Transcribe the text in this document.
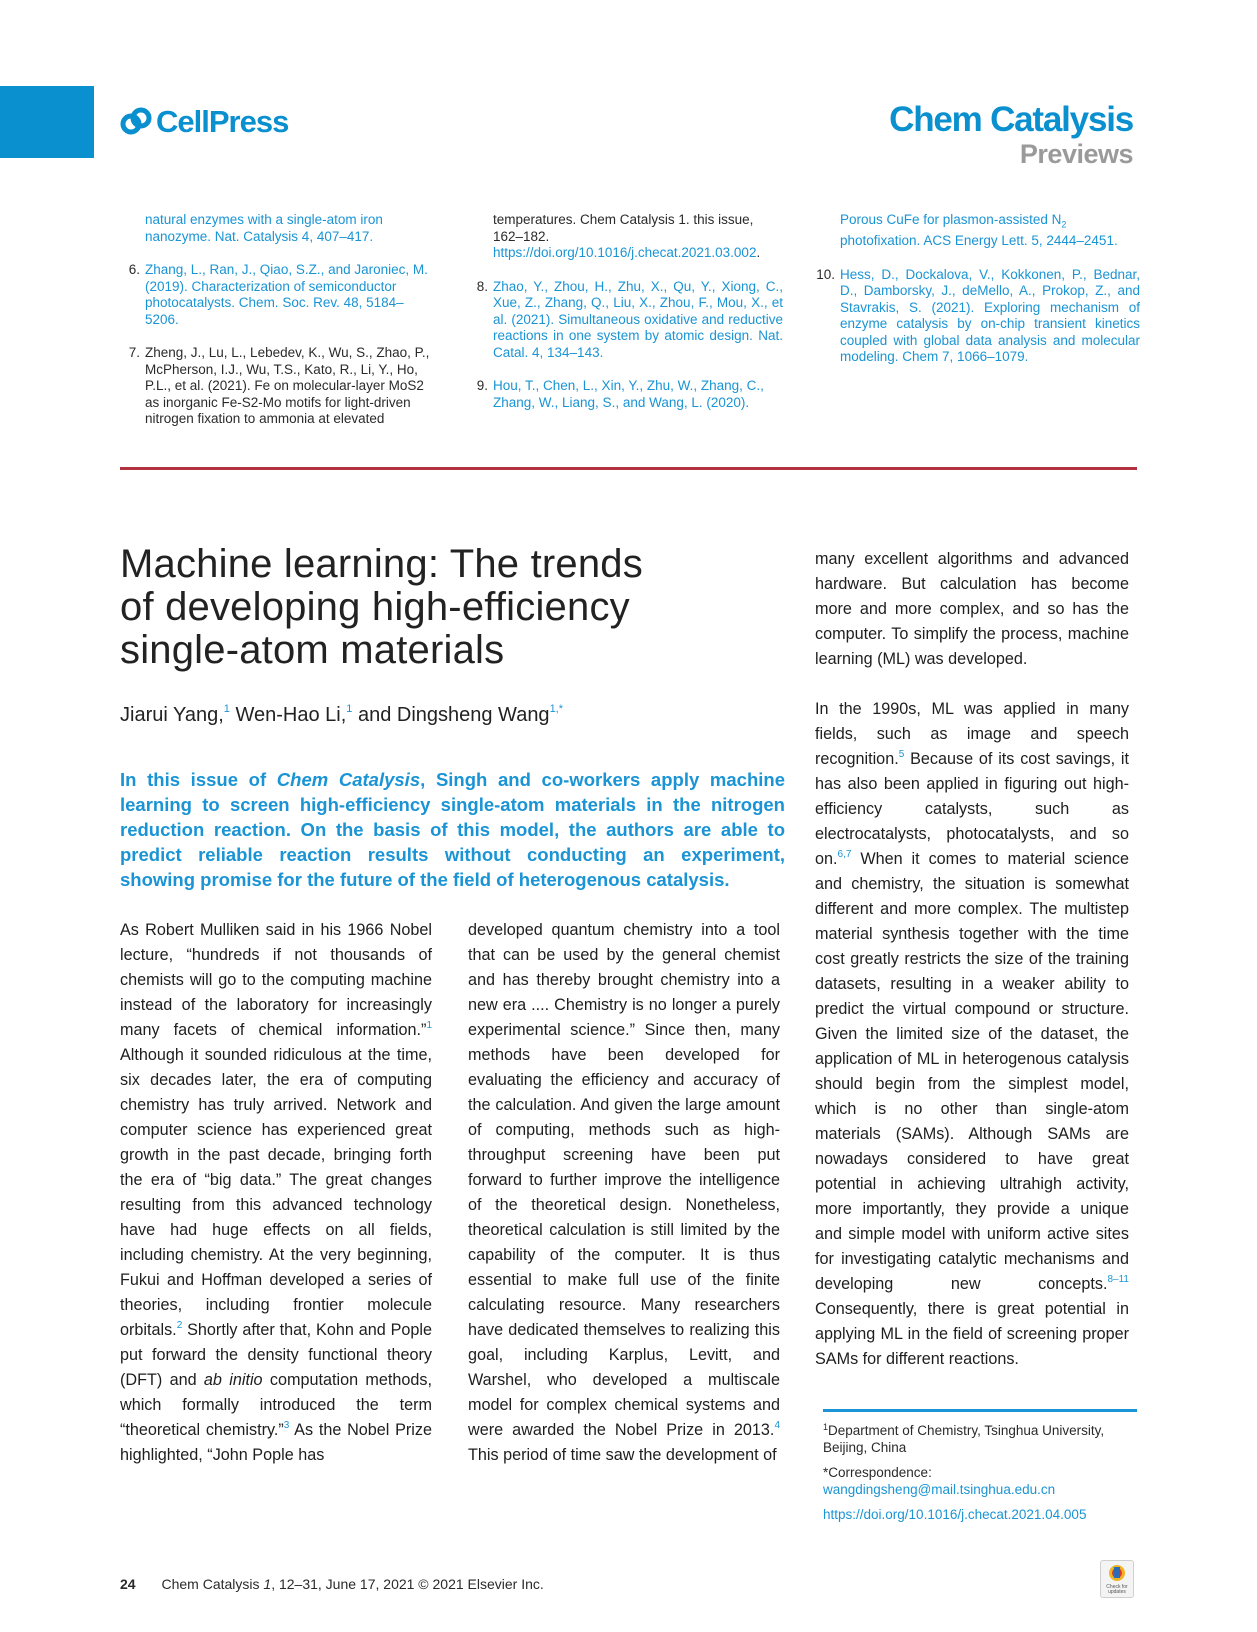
CellPress	Chem Catalysis
Previews
natural enzymes with a single-atom iron nanozyme. Nat. Catalysis 4, 407–417.
6. Zhang, L., Ran, J., Qiao, S.Z., and Jaroniec, M. (2019). Characterization of semiconductor photocatalysts. Chem. Soc. Rev. 48, 5184–5206.
7. Zheng, J., Lu, L., Lebedev, K., Wu, S., Zhao, P., McPherson, I.J., Wu, T.S., Kato, R., Li, Y., Ho, P.L., et al. (2021). Fe on molecular-layer MoS2 as inorganic Fe-S2-Mo motifs for light-driven nitrogen fixation to ammonia at elevated
temperatures. Chem Catalysis 1. this issue, 162–182. https://doi.org/10.1016/j.checat.2021.03.002.
8. Zhao, Y., Zhou, H., Zhu, X., Qu, Y., Xiong, C., Xue, Z., Zhang, Q., Liu, X., Zhou, F., Mou, X., et al. (2021). Simultaneous oxidative and reductive reactions in one system by atomic design. Nat. Catal. 4, 134–143.
9. Hou, T., Chen, L., Xin, Y., Zhu, W., Zhang, C., Zhang, W., Liang, S., and Wang, L. (2020).
Porous CuFe for plasmon-assisted $N_2$ photofixation. ACS Energy Lett. 5, 2444–2451.
10. Hess, D., Dockalova, V., Kokkonen, P., Bednar, D., Damborsky, J., deMello, A., Prokop, Z., and Stavrakis, S. (2021). Exploring mechanism of enzyme catalysis by on-chip transient kinetics coupled with global data analysis and molecular modeling. Chem 7, 1066–1079.
Machine learning: The trends of developing high-efficiency single-atom materials
Jiarui Yang,$^1$ Wen-Hao Li,$^1$ and Dingsheng Wang$^{1,*}$
In this issue of Chem Catalysis, Singh and co-workers apply machine learning to screen high-efficiency single-atom materials in the nitrogen reduction reaction. On the basis of this model, the authors are able to predict reliable reaction results without conducting an experiment, showing promise for the future of the field of heterogenous catalysis.

As Robert Mulliken said in his 1966 Nobel lecture, “hundreds if not thousands of chemists will go to the computing machine instead of the laboratory for increasingly many facets of chemical information.”$^1$ Although it sounded ridiculous at the time, six decades later, the era of computing chemistry has truly arrived. Network and computer science has experienced great growth in the past decade, bringing forth the era of “big data.” The great changes resulting from this advanced technology have had huge effects on all fields, including chemistry. At the very beginning, Fukui and Hoffman developed a series of theories, including frontier molecule orbitals.$^2$ Shortly after that, Kohn and Pople put forward the density functional theory (DFT) and ab initio computation methods, which formally introduced the term “theoretical chemistry.”$^3$ As the Nobel Prize highlighted, “John Pople has

developed quantum chemistry into a tool that can be used by the general chemist and has thereby brought chemistry into a new era .... Chemistry is no longer a purely experimental science.” Since then, many methods have been developed for evaluating the efficiency and accuracy of the calculation. And given the large amount of computing, methods such as high-throughput screening have been put forward to further improve the intelligence of the theoretical design. Nonetheless, theoretical calculation is still limited by the capability of the computer. It is thus essential to make full use of the finite calculating resource. Many researchers have dedicated themselves to realizing this goal, including Karplus, Levitt, and Warshel, who developed a multiscale model for complex chemical systems and were awarded the Nobel Prize in 2013.$^4$ This period of time saw the development of

many excellent algorithms and advanced hardware. But calculation has become more and more complex, and so has the computer. To simplify the process, machine learning (ML) was developed.

In the 1990s, ML was applied in many fields, such as image and speech recognition.$^5$ Because of its cost savings, it has also been applied in figuring out high-efficiency catalysts, such as electrocatalysts, photocatalysts, and so on.$^{6,7}$ When it comes to material science and chemistry, the situation is somewhat different and more complex. The multistep material synthesis together with the time cost greatly restricts the size of the training datasets, resulting in a weaker ability to predict the virtual compound or structure. Given the limited size of the dataset, the application of ML in heterogenous catalysis should begin from the simplest model, which is no other than single-atom materials (SAMs). Although SAMs are nowadays considered to have great potential in achieving ultrahigh activity, more importantly, they provide a unique and simple model with uniform active sites for investigating catalytic mechanisms and developing new concepts.$^{8-11}$ Consequently, there is great potential in applying ML in the field of screening proper SAMs for different reactions.

$^1$Department of Chemistry, Tsinghua University, Beijing, China
*Correspondence:
wangdingsheng@mail.tsinghua.edu.cn
https://doi.org/10.1016/j.checat.2021.04.005
24 Chem Catalysis 1, 12–31, June 17, 2021 © 2021 Elsevier Inc.	Check for updates
